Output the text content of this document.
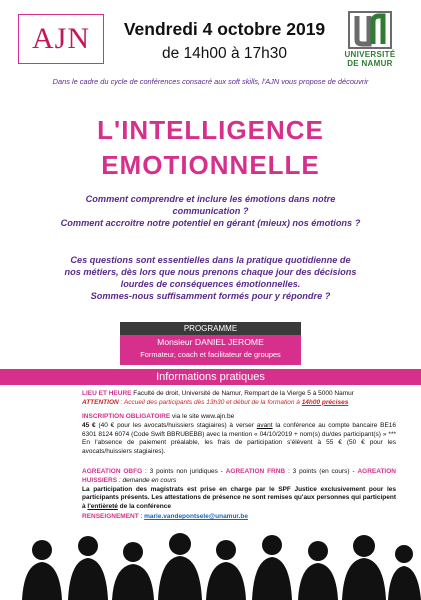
AJN	Vendredi 4 octobre 2019
de 14h00 à 17h30	UNIVERSITÉ
DE NAMUR
Dans le cadre du cycle de conférences consacré aux soft skills, l'AJN vous propose de découvrir
L'INTELLIGENCE
EMOTIONNELLE
Comment comprendre et inclure les émotions dans notre
communication ?
Comment accroitre notre potentiel en gérant (mieux) nos émotions ?
Ces questions sont essentielles dans la pratique quotidienne de
nos métiers, dès lors que nous prenons chaque jour des décisions
lourdes de conséquences émotionnelles.
Sommes-nous suffisamment formés pour y répondre ?
PROGRAMME
Monsieur DANIEL JEROME
Formateur, coach et facilitateur de groupes
Informations pratiques
LIEU ET HEURE Faculté de droit, Université de Namur, Rempart de la Vierge 5 à 5000 Namur
ATTENTION : Accueil des participants dès 13h30 et début de la formation à 14h00 précises
INSCRIPTION OBLIGATOIRE via le site www.ajn.be
45 € (40 € pour les avocats/huissiers stagiaires) à verser avant la conférence au compte bancaire BE16 6301 8124 6074 (Code Swift BBRUBEBB) avec la mention « 04/10/2019 + nom(s) du/des participant(s) » *** En l'absence de paiement préalable, les frais de participation s'élèvent à 55 € (50 € pour les avocats/huissiers stagiaires).
AGREATION OBFG : 3 points non juridiques - AGREATION FRNB : 3 points (en cours) - AGREATION HUISSIERS : demande en cours
La participation des magistrats est prise en charge par le SPF Justice exclusivement pour les participants présents. Les attestations de présence ne sont remises qu'aux personnes qui participent à l'entièreté de la conférence
RENSEIGNEMENT : marie.vandepontsele@unamur.be
